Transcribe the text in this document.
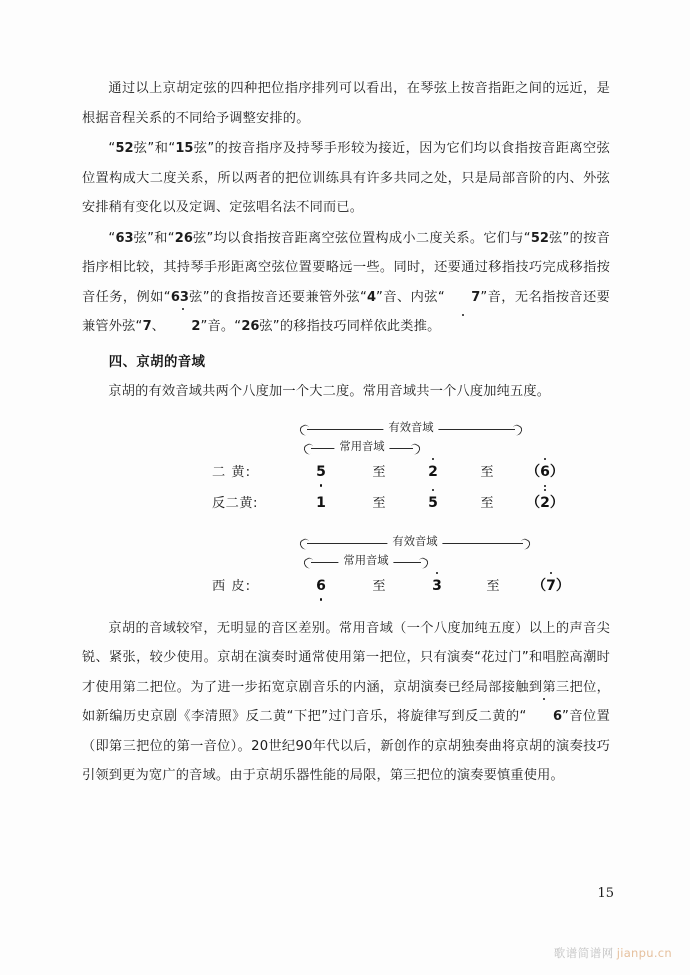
通过以上京胡定弦的四种把位指序排列可以看出，在琴弦上按音指距之间的远近，是根据音程关系的不同给予调整安排的。

“52弦”和“15弦”的按音指序及持琴手形较为接近，因为它们均以食指按音距离空弦位置构成大二度关系，所以两者的把位训练具有许多共同之处，只是局部音阶的内、外弦安排稍有变化以及定调、定弦唱名法不同而已。

“63弦”和“26弦”均以食指按音距离空弦位置构成小二度关系。它们与“52弦”的按音指序相比较，其持琴手形距离空弦位置要略远一些。同时，还要通过移指技巧完成移指按音任务，例如“63弦”的食指按音还要兼管外弦“4”音、内弦“ 7”音，无名指按音还要兼管外弦“7、 2”音。“26弦”的移指技巧同样依此类推。

四、京胡的音域

京胡的有效音域共两个八度加一个大二度。常用音域共一个八度加纯五度。

有效音域
常用音域
二 黄:	5	至	2	至	（6）
反二黄:	1	至	5	至	（2）
有效音域
常用音域
西 皮:	6	至	3	至	（7）

京胡的音域较窄，无明显的音区差别。常用音域（一个八度加纯五度）以上的声音尖锐、紧张，较少使用。京胡在演奏时通常使用第一把位，只有演奏“花过门”和唱腔高潮时才使用第二把位。为了进一步拓宽京剧音乐的内涵，京胡演奏已经局部接触到第三把位，如新编历史京剧《李清照》反二黄“下把”过门音乐，将旋律写到反二黄的“ 6”音位置（即第三把位的第一音位）。20世纪90年代以后，新创作的京胡独奏曲将京胡的演奏技巧引领到更为宽广的音域。由于京胡乐器性能的局限，第三把位的演奏要慎重使用。

15
歌谱简谱网 jianpu.cn
